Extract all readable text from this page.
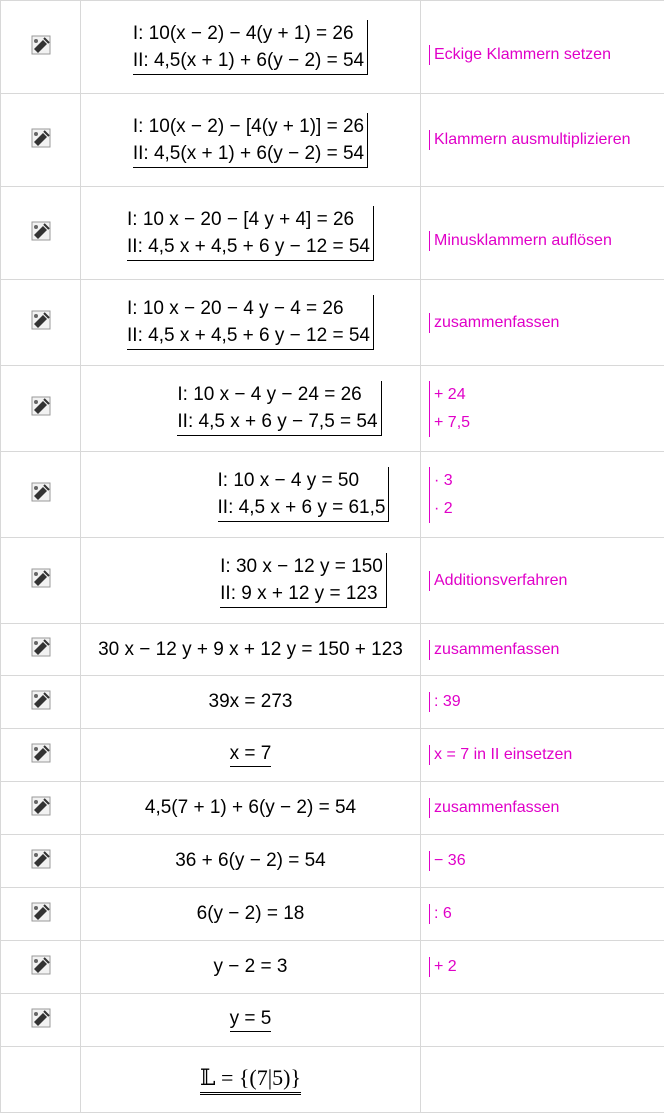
I: 10(x − 2) − 4(y + 1) = 26
II: 4,5(x + 1) + 6(y − 2) = 54	Eckige Klammern setzen

I: 10(x − 2) − [4(y + 1)] = 26
II: 4,5(x + 1) + 6(y − 2) = 54	Klammern ausmultiplizieren

I: 10 x − 20 − [4 y + 4] = 26
II: 4,5 x + 4,5 + 6 y − 12 = 54	Minusklammern auflösen

I: 10 x − 20 − 4 y − 4 = 26
II: 4,5 x + 4,5 + 6 y − 12 = 54	zusammenfassen

I: 10 x − 4 y − 24 = 26
II: 4,5 x + 6 y − 7,5 = 54	+ 24
+ 7,5

I: 10 x − 4 y = 50
II: 4,5 x + 6 y = 61,5	· 3
· 2

I: 30 x − 12 y = 150
II: 9 x + 12 y = 123	Additionsverfahren

	30 x − 12 y + 9 x + 12 y = 150 + 123	zusammenfassen

	39x = 273	: 39

	x = 7	x = 7 in II einsetzen

	4,5(7 + 1) + 6(y − 2) = 54	zusammenfassen

	36 + 6(y − 2) = 54	− 36

	6(y − 2) = 18	: 6

	y − 2 = 3	+ 2

	y = 5	
	𝕃 = {(7|5)}	
